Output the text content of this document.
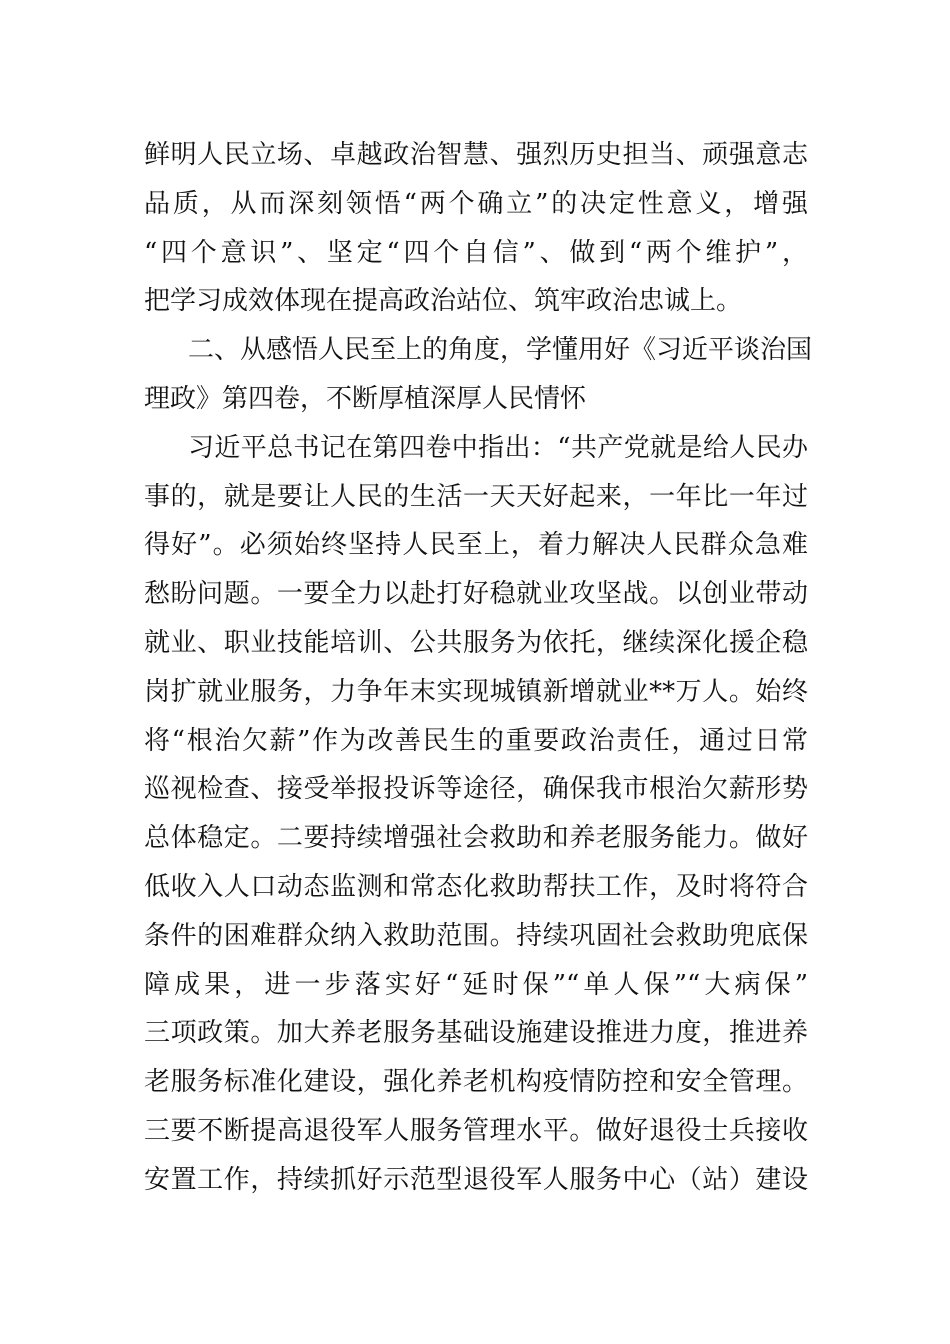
鲜明人民立场、卓越政治智慧、强烈历史担当、顽强意志
品质，从而深刻领悟“两个确立”的决定性意义，增强
“四个意识”、坚定“四个自信”、做到“两个维护”，
把学习成效体现在提高政治站位、筑牢政治忠诚上。
二、从感悟人民至上的角度，学懂用好《习近平谈治国
理政》第四卷，不断厚植深厚人民情怀
习近平总书记在第四卷中指出：“共产党就是给人民办
事的，就是要让人民的生活一天天好起来，一年比一年过
得好”。必须始终坚持人民至上，着力解决人民群众急难
愁盼问题。一要全力以赴打好稳就业攻坚战。以创业带动
就业、职业技能培训、公共服务为依托，继续深化援企稳
岗扩就业服务，力争年末实现城镇新增就业**万人。始终
将“根治欠薪”作为改善民生的重要政治责任，通过日常
巡视检查、接受举报投诉等途径，确保我市根治欠薪形势
总体稳定。二要持续增强社会救助和养老服务能力。做好
低收入人口动态监测和常态化救助帮扶工作，及时将符合
条件的困难群众纳入救助范围。持续巩固社会救助兜底保
障成果，进一步落实好“延时保”“单人保”“大病保”
三项政策。加大养老服务基础设施建设推进力度，推进养
老服务标准化建设，强化养老机构疫情防控和安全管理。
三要不断提高退役军人服务管理水平。做好退役士兵接收
安置工作，持续抓好示范型退役军人服务中心（站）建设
